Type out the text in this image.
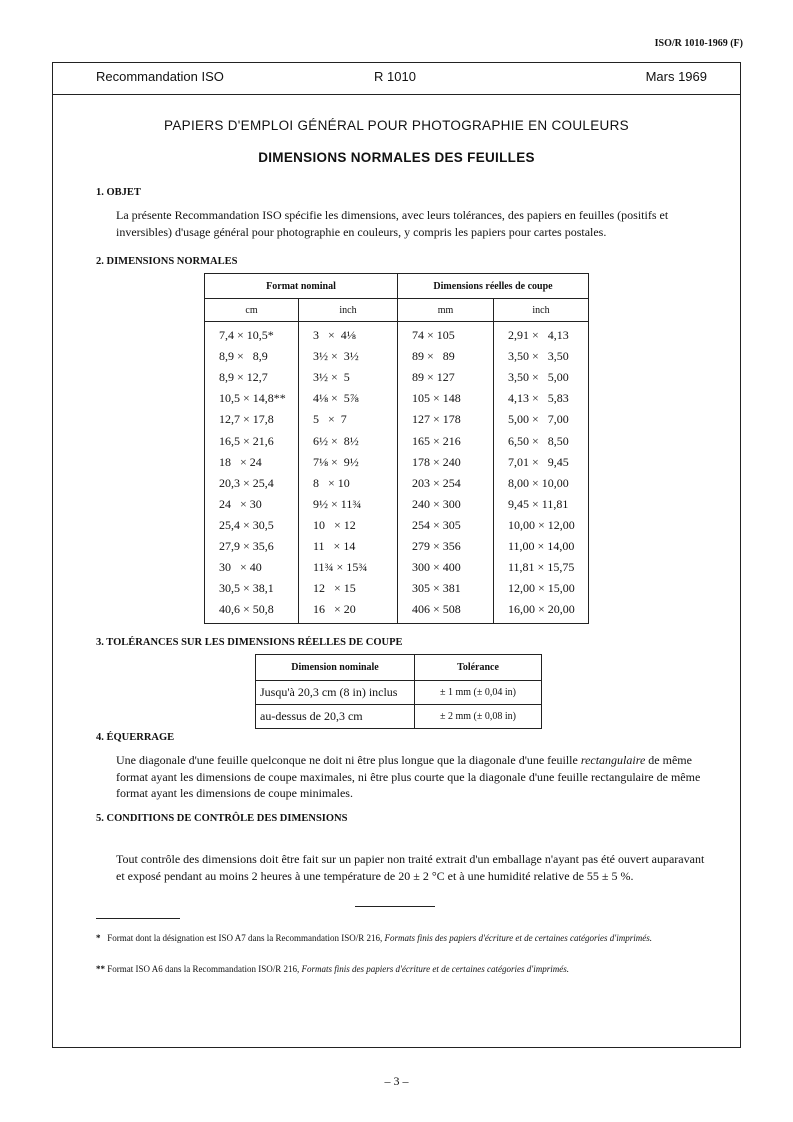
ISO/R 1010-1969 (F)
Recommandation ISO	R 1010	Mars 1969
PAPIERS D'EMPLOI GÉNÉRAL POUR PHOTOGRAPHIE EN COULEURS
DIMENSIONS NORMALES DES FEUILLES
1. OBJET
La présente Recommandation ISO spécifie les dimensions, avec leurs tolérances, des papiers en feuilles (positifs et inversibles) d'usage général pour photographie en couleurs, y compris les papiers pour cartes postales.
2. DIMENSIONS NORMALES
Format nominal		Dimensions réelles de coupe	
cm	inch	mm	inch
7,4 × 10,5*	3   ×  4⅛	74 × 105	2,91 ×   4,13
8,9 ×   8,9	3½ ×  3½	89 ×   89	3,50 ×   3,50
8,9 × 12,7	3½ ×  5	89 × 127	3,50 ×   5,00
10,5 × 14,8**	4⅛ ×  5⅞	105 × 148	4,13 ×   5,83
12,7 × 17,8	5   ×  7	127 × 178	5,00 ×   7,00
16,5 × 21,6	6½ ×  8½	165 × 216	6,50 ×   8,50
18   × 24	7⅛ ×  9½	178 × 240	7,01 ×   9,45
20,3 × 25,4	8   × 10	203 × 254	8,00 × 10,00
24   × 30	9½ × 11¾	240 × 300	9,45 × 11,81
25,4 × 30,5	10   × 12	254 × 305	10,00 × 12,00
27,9 × 35,6	11   × 14	279 × 356	11,00 × 14,00
30   × 40	11¾ × 15¾	300 × 400	11,81 × 15,75
30,5 × 38,1	12   × 15	305 × 381	12,00 × 15,00
40,6 × 50,8	16   × 20	406 × 508	16,00 × 20,00
3. TOLÉRANCES SUR LES DIMENSIONS RÉELLES DE COUPE
Dimension nominale	Tolérance
Jusqu'à 20,3 cm (8 in) inclus	± 1 mm (± 0,04 in)
au-dessus de 20,3 cm	± 2 mm (± 0,08 in)
4. ÉQUERRAGE
Une diagonale d'une feuille quelconque ne doit ni être plus longue que la diagonale d'une feuille rectangulaire de même format ayant les dimensions de coupe maximales, ni être plus courte que la diagonale d'une feuille rectangulaire de même format ayant les dimensions de coupe minimales.
5. CONDITIONS DE CONTRÔLE DES DIMENSIONS
Tout contrôle des dimensions doit être fait sur un papier non traité extrait d'un emballage n'ayant pas été ouvert auparavant et exposé pendant au moins 2 heures à une température de 20 ± 2 °C et à une humidité relative de 55 ± 5 %.
* Format dont la désignation est ISO A7 dans la Recommandation ISO/R 216, Formats finis des papiers d'écriture et de certaines catégories d'imprimés.
** Format ISO A6 dans la Recommandation ISO/R 216, Formats finis des papiers d'écriture et de certaines catégories d'imprimés.
– 3 –
